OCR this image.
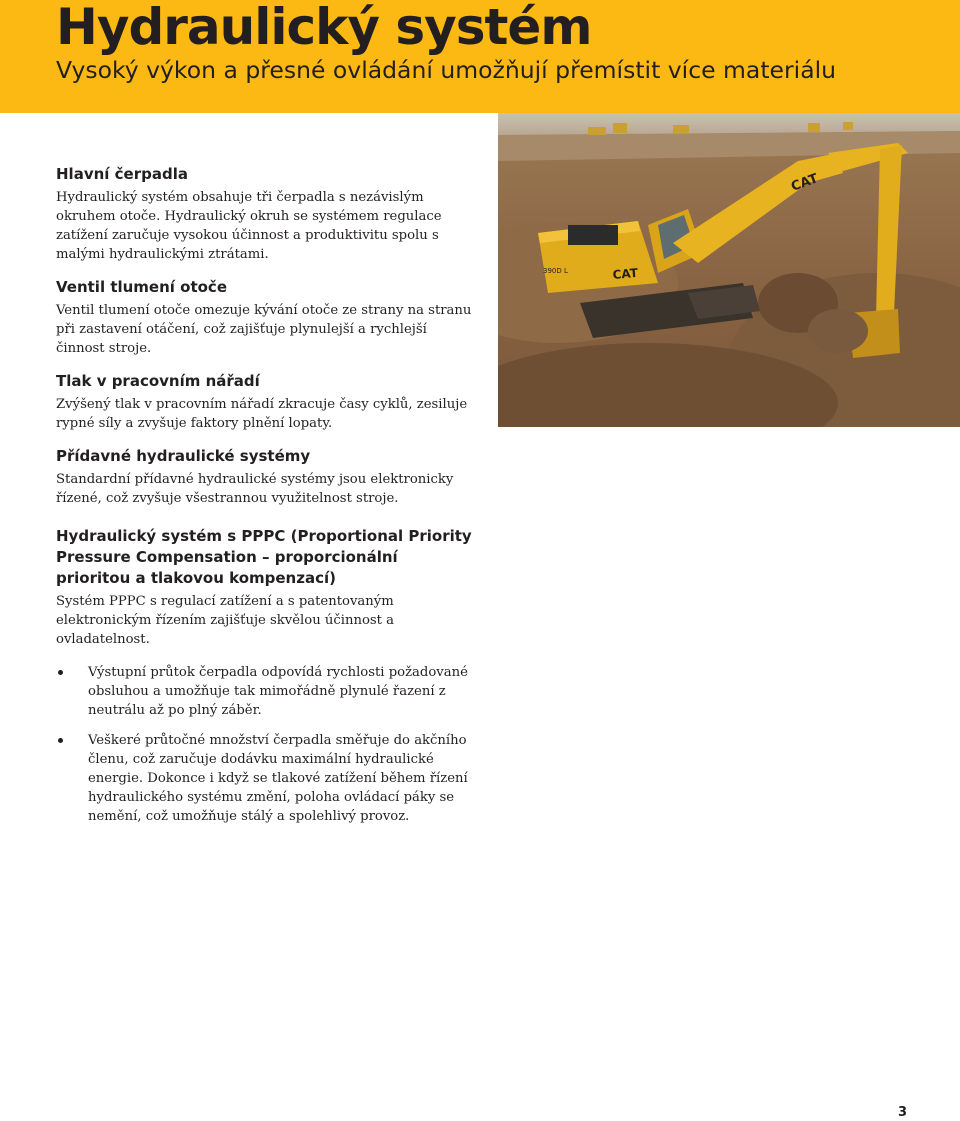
Hydraulický systém
Vysoký výkon a přesné ovládání umožňují přemístit více materiálu
Hlavní čerpadla

Hydraulický systém obsahuje tři čerpadla s nezávislým okruhem otoče. Hydraulický okruh se systémem regulace zatížení zaručuje vysokou účinnost a produktivitu spolu s malými hydraulickými ztrátami.

Ventil tlumení otoče

Ventil tlumení otoče omezuje kývání otoče ze strany na stranu při zastavení otáčení, což zajišťuje plynulejší a rychlejší činnost stroje.

Tlak v pracovním nářadí

Zvýšený tlak v pracovním nářadí zkracuje časy cyklů, zesiluje rypné síly a zvyšuje faktory plnění lopaty.

Přídavné hydraulické systémy

Standardní přídavné hydraulické systémy jsou elektronicky řízené, což zvyšuje všestrannou využitelnost stroje.

Hydraulický systém s PPPC (Proportional Priority Pressure Compensation – proporcionální prioritou a tlakovou kompenzací)

Systém PPPC s regulací zatížení a s patentovaným elektronickým řízením zajišťuje skvělou účinnost a ovladatelnost.

Výstupní průtok čerpadla odpovídá rychlosti požadované obsluhou a umožňuje tak mimořádně plynulé řazení z neutrálu až po plný záběr.
Veškeré průtočné množství čerpadla směřuje do akčního členu, což zaručuje dodávku maximální hydraulické energie. Dokonce i když se tlakové zatížení během řízení hydraulického systému změní, poloha ovládací páky se nemění, což umožňuje stálý a spolehlivý provoz.
CAT
CAT
390D L
3
